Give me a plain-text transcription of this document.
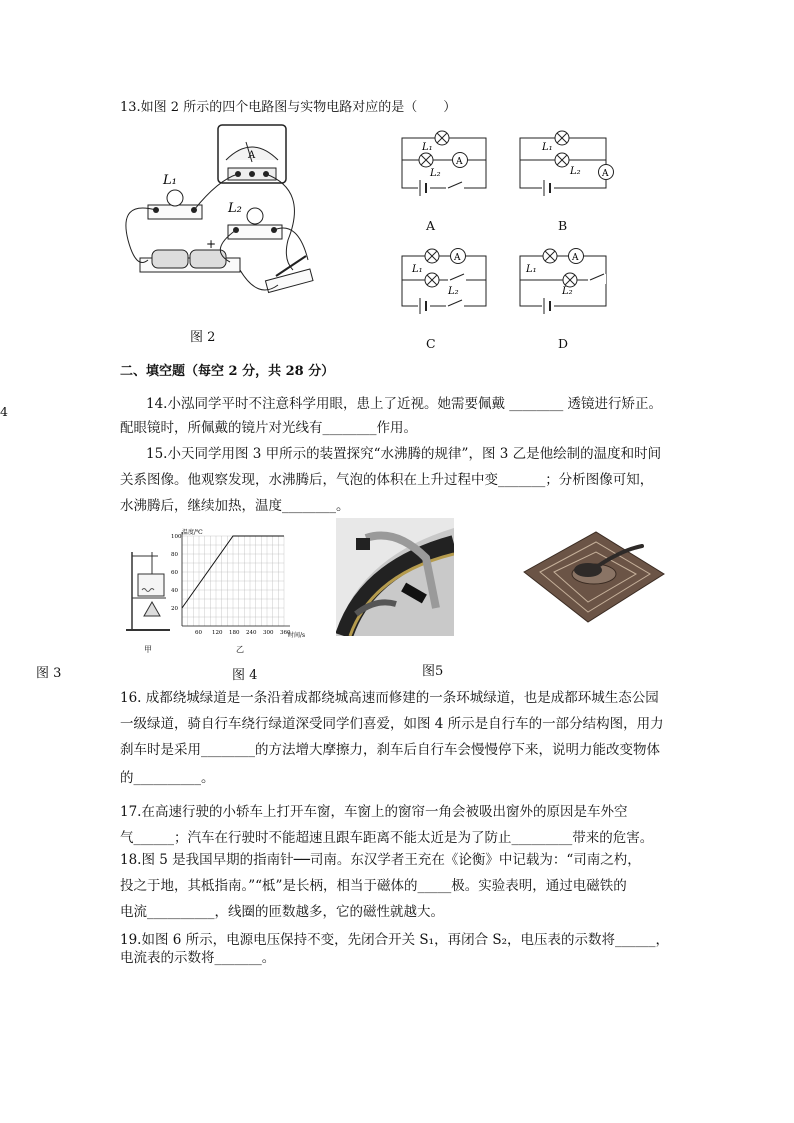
13.如图 2 所示的四个电路图与实物电路对应的是（　　）
A
L₁
L₂
+
图 2
A
L₁
L₂	A
L₁
L₂
A
L₁
L₂
A
L₁
L₂
A	B
C	D
二、填空题（每空 2 分，共 28 分）
4	14.小泓同学平时不注意科学用眼，患上了近视。她需要佩戴 ________ 透镜进行矫正。
配眼镜时，所佩戴的镜片对光线有________作用。
15.小天同学用图 3 甲所示的装置探究“水沸腾的规律”，图 3 乙是他绘制的温度和时间
关系图像。他观察发现，水沸腾后，气泡的体积在上升过程中变_______；分析图像可知，
水沸腾后，继续加热，温度________。
甲
60 120 180 240 300 360
20
40
60
80
100
温度/℃
时间/s
乙
图 3	图 4	图5
16. 成都绕城绿道是一条沿着成都绕城高速而修建的一条环城绿道，也是成都环城生态公园
一级绿道，骑自行车绕行绿道深受同学们喜爱，如图 4 所示是自行车的一部分结构图，用力
刹车时是采用________的方法增大摩擦力，刹车后自行车会慢慢停下来，说明力能改变物体
的__________。
17.在高速行驶的小轿车上打开车窗，车窗上的窗帘一角会被吸出窗外的原因是车外空
气______；汽车在行驶时不能超速且跟车距离不能太近是为了防止_________带来的危害。
18.图 5 是我国早期的指南针──司南。东汉学者王充在《论衡》中记载为：“司南之杓，
投之于地，其柢指南。”“柢”是长柄，相当于磁体的_____极。实验表明，通过电磁铁的
电流__________，线圈的匝数越多，它的磁性就越大。
19.如图 6 所示，电源电压保持不变，先闭合开关 S₁，再闭合 S₂，电压表的示数将______，
电流表的示数将_______。
